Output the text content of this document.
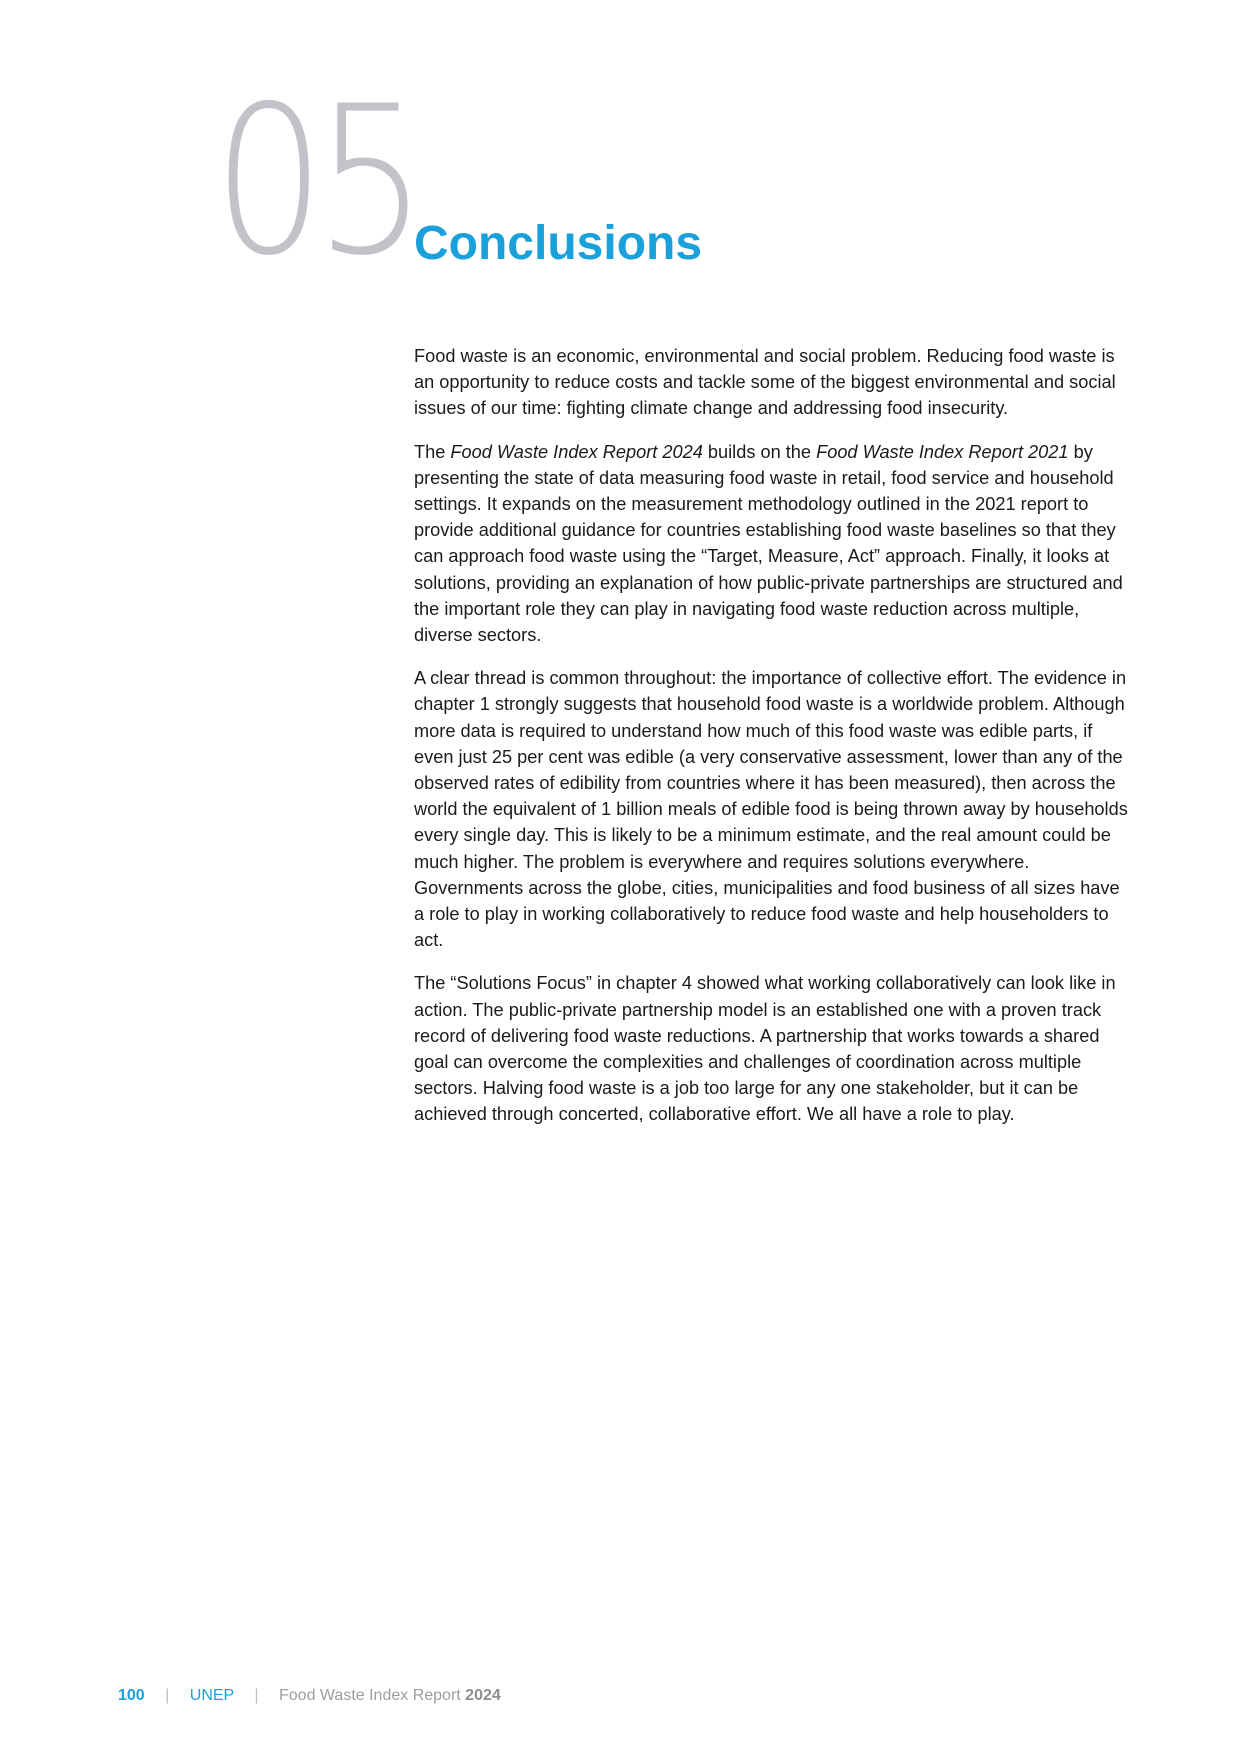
05
Conclusions

Food waste is an economic, environmental and social problem. Reducing food waste is an opportunity to reduce costs and tackle some of the biggest environmental and social issues of our time: fighting climate change and addressing food insecurity.

The Food Waste Index Report 2024 builds on the Food Waste Index Report 2021 by presenting the state of data measuring food waste in retail, food service and household settings. It expands on the measurement methodology outlined in the 2021 report to provide additional guidance for countries establishing food waste baselines so that they can approach food waste using the “Target, Measure, Act” approach. Finally, it looks at solutions, providing an explanation of how public-private partnerships are structured and the important role they can play in navigating food waste reduction across multiple, diverse sectors.

A clear thread is common throughout: the importance of collective effort. The evidence in chapter 1 strongly suggests that household food waste is a worldwide problem. Although more data is required to understand how much of this food waste was edible parts, if even just 25 per cent was edible (a very conservative assessment, lower than any of the observed rates of edibility from countries where it has been measured), then across the world the equivalent of 1 billion meals of edible food is being thrown away by households every single day. This is likely to be a minimum estimate, and the real amount could be much higher. The problem is everywhere and requires solutions everywhere. Governments across the globe, cities, municipalities and food business of all sizes have a role to play in working collaboratively to reduce food waste and help householders to act.

The “Solutions Focus” in chapter 4 showed what working collaboratively can look like in action. The public-private partnership model is an established one with a proven track record of delivering food waste reductions. A partnership that works towards a shared goal can overcome the complexities and challenges of coordination across multiple sectors. Halving food waste is a job too large for any one stakeholder, but it can be achieved through concerted, collaborative effort. We all have a role to play.

100 | UNEP | Food Waste Index Report 2024
